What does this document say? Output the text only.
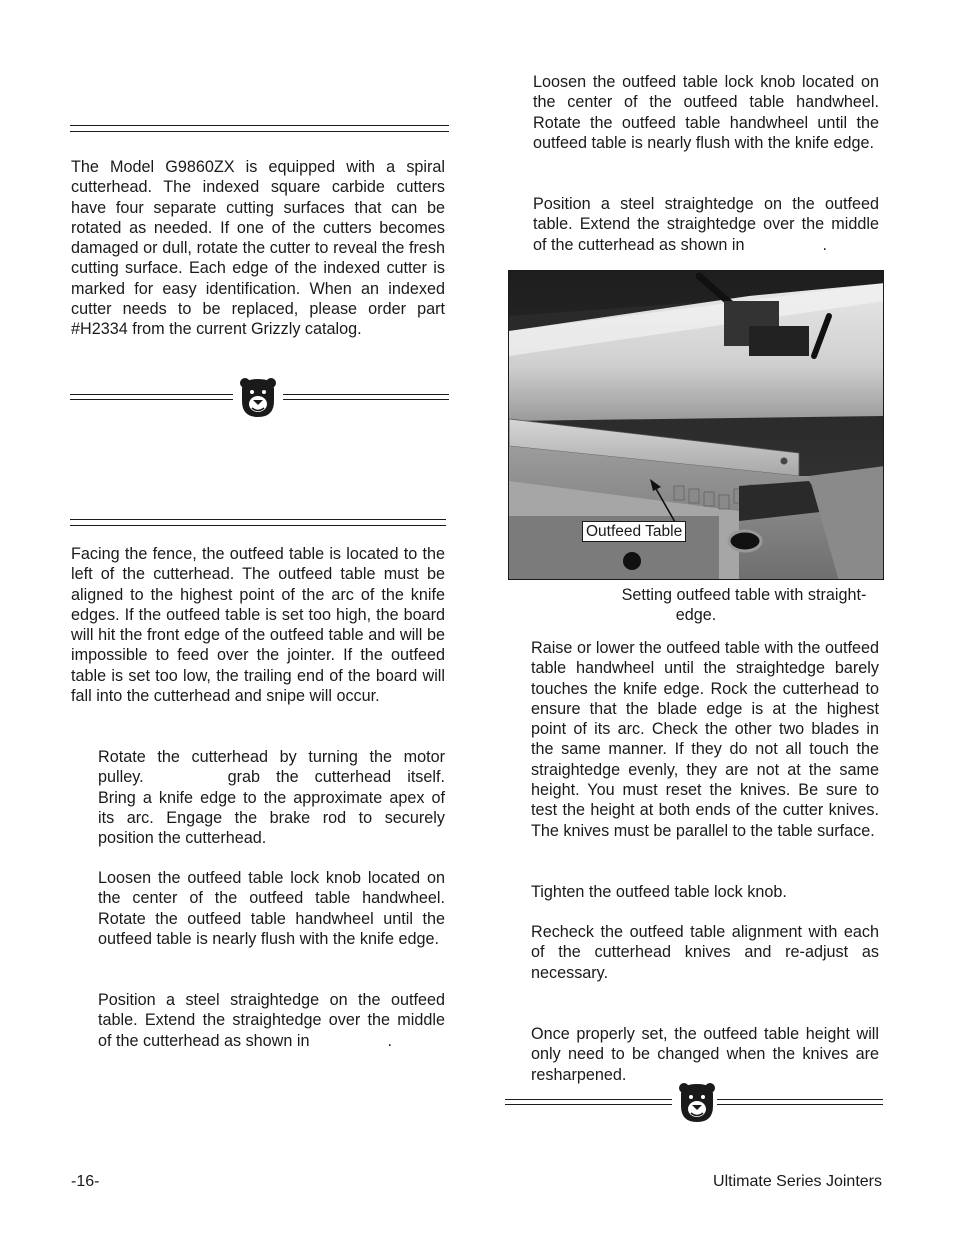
The Model G9860ZX is equipped with a spiral cutterhead. The indexed square carbide cutters have four separate cutting surfaces that can be rotated as needed. If one of the cutters becomes damaged or dull, rotate the cutter to reveal the fresh cutting surface. Each edge of the indexed cutter is marked for easy identification. When an indexed cutter needs to be replaced, please order part #H2334 from the current Grizzly catalog.

Facing the fence, the outfeed table is located to the left of the cutterhead. The outfeed table must be aligned to the highest point of the arc of the knife edges. If the outfeed table is set too high, the board will hit the front edge of the outfeed table and will be impossible to feed over the jointer. If the outfeed table is set too low, the trailing end of the board will fall into the cutterhead and snipe will occur.

Rotate the cutterhead by turning the motor pulley.	grab the cutterhead itself. Bring a knife edge to the approximate apex of its arc. Engage the brake rod to securely position the cutterhead.

Loosen the outfeed table lock knob located on the center of the outfeed table handwheel. Rotate the outfeed table handwheel until the outfeed table is nearly flush with the knife edge.

Position a steel straightedge on the outfeed table. Extend the straightedge over the middle of the cutterhead as shown in	.

Loosen the outfeed table lock knob located on the center of the outfeed table handwheel. Rotate the outfeed table handwheel until the outfeed table is nearly flush with the knife edge.

Position a steel straightedge on the outfeed table. Extend the straightedge over the middle of the cutterhead as shown in	.

Outfeed Table
Setting outfeed table with straight-
edge.

Raise or lower the outfeed table with the outfeed table handwheel until the straightedge barely touches the knife edge. Rock the cutterhead to ensure that the blade edge is at the highest point of its arc. Check the other two blades in the same manner. If they do not all touch the straightedge evenly, they are not at the same height. You must reset the knives. Be sure to test the height at both ends of the cutter knives. The knives must be parallel to the table surface.

Tighten the outfeed table lock knob.

Recheck the outfeed table alignment with each of the cutterhead knives and re-adjust as necessary.

Once properly set, the outfeed table height will only need to be changed when the knives are resharpened.

-16-	Ultimate Series Jointers
